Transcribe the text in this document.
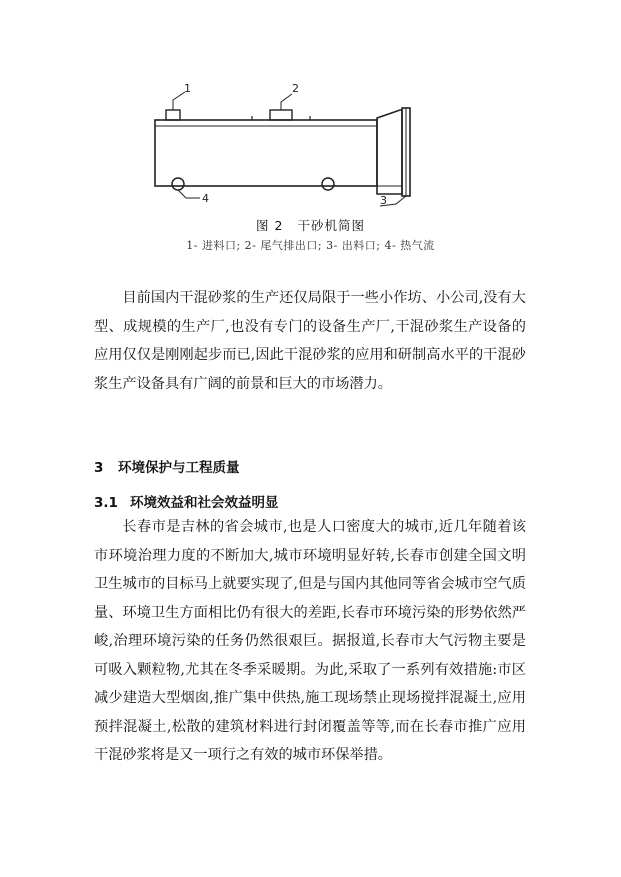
1	2
3
4
图 2 干砂机简图
1- 进料口; 2- 尾气排出口; 3- 出料口; 4- 热气流

目前国内干混砂浆的生产还仅局限于一些小作坊、小公司,没有大型、成规模的生产厂,也没有专门的设备生产厂,干混砂浆生产设备的应用仅仅是刚刚起步而已,因此干混砂浆的应用和研制高水平的干混砂浆生产设备具有广阔的前景和巨大的市场潜力。

3 环境保护与工程质量
3.1 环境效益和社会效益明显

长春市是吉林的省会城市,也是人口密度大的城市,近几年随着该市环境治理力度的不断加大,城市环境明显好转,长春市创建全国文明卫生城市的目标马上就要实现了,但是与国内其他同等省会城市空气质量、环境卫生方面相比仍有很大的差距,长春市环境污染的形势依然严峻,治理环境污染的任务仍然很艰巨。据报道,长春市大气污物主要是可吸入颗粒物,尤其在冬季采暖期。为此,采取了一系列有效措施:市区减少建造大型烟囱,推广集中供热,施工现场禁止现场搅拌混凝土,应用预拌混凝土,松散的建筑材料进行封闭覆盖等等,而在长春市推广应用干混砂浆将是又一项行之有效的城市环保举措。
